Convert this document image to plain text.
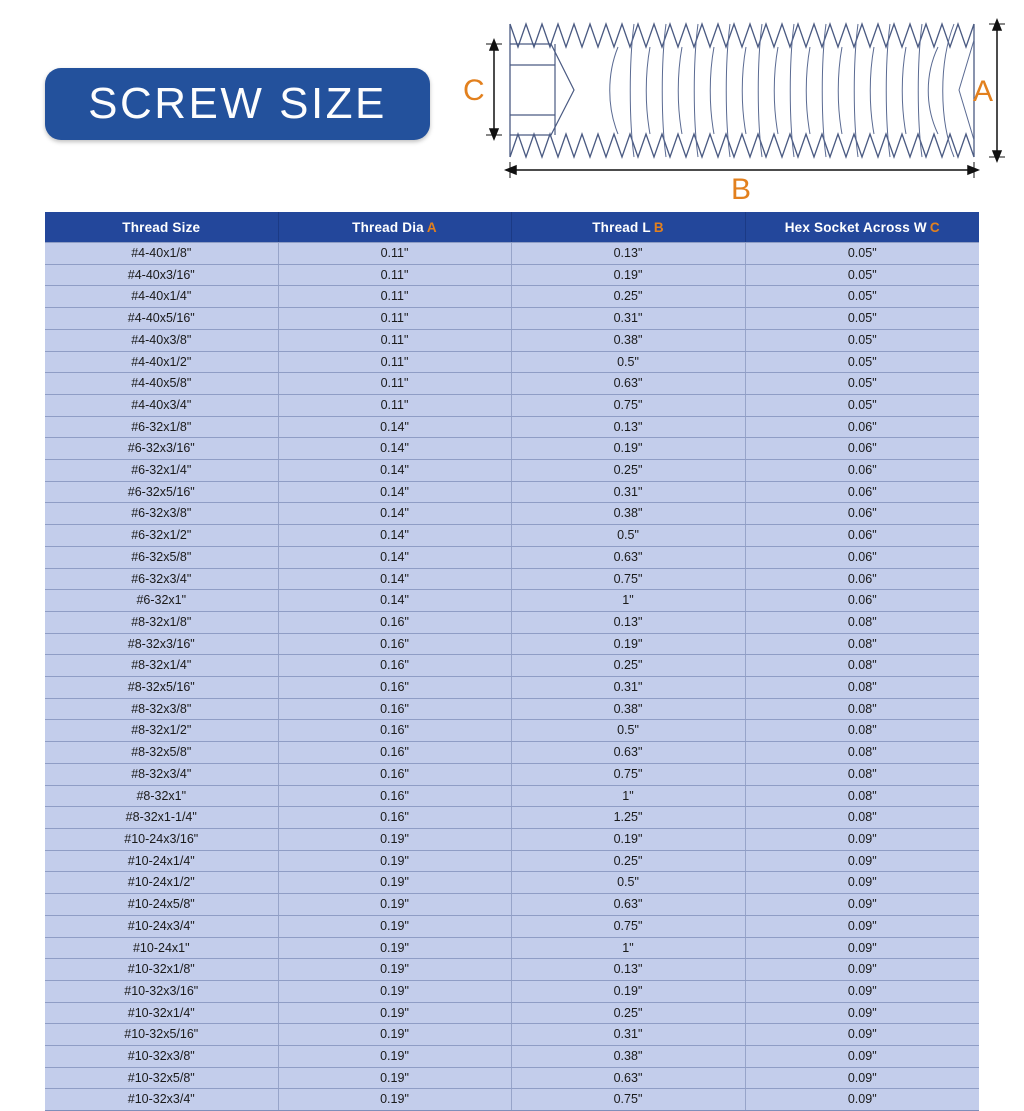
SCREW SIZE	C	A
B
Thread Size	Thread Dia A	Thread L B	Hex Socket Across W C
#4-40x1/8"	0.11"	0.13"	0.05"
#4-40x3/16"	0.11"	0.19"	0.05"
#4-40x1/4"	0.11"	0.25"	0.05"
#4-40x5/16"	0.11"	0.31"	0.05"
#4-40x3/8"	0.11"	0.38"	0.05"
#4-40x1/2"	0.11"	0.5"	0.05"
#4-40x5/8"	0.11"	0.63"	0.05"
#4-40x3/4"	0.11"	0.75"	0.05"
#6-32x1/8"	0.14"	0.13"	0.06"
#6-32x3/16"	0.14"	0.19"	0.06"
#6-32x1/4"	0.14"	0.25"	0.06"
#6-32x5/16"	0.14"	0.31"	0.06"
#6-32x3/8"	0.14"	0.38"	0.06"
#6-32x1/2"	0.14"	0.5"	0.06"
#6-32x5/8"	0.14"	0.63"	0.06"
#6-32x3/4"	0.14"	0.75"	0.06"
#6-32x1"	0.14"	1"	0.06"
#8-32x1/8"	0.16"	0.13"	0.08"
#8-32x3/16"	0.16"	0.19"	0.08"
#8-32x1/4"	0.16"	0.25"	0.08"
#8-32x5/16"	0.16"	0.31"	0.08"
#8-32x3/8"	0.16"	0.38"	0.08"
#8-32x1/2"	0.16"	0.5"	0.08"
#8-32x5/8"	0.16"	0.63"	0.08"
#8-32x3/4"	0.16"	0.75"	0.08"
#8-32x1"	0.16"	1"	0.08"
#8-32x1-1/4"	0.16"	1.25"	0.08"
#10-24x3/16"	0.19"	0.19"	0.09"
#10-24x1/4"	0.19"	0.25"	0.09"
#10-24x1/2"	0.19"	0.5"	0.09"
#10-24x5/8"	0.19"	0.63"	0.09"
#10-24x3/4"	0.19"	0.75"	0.09"
#10-24x1"	0.19"	1"	0.09"
#10-32x1/8"	0.19"	0.13"	0.09"
#10-32x3/16"	0.19"	0.19"	0.09"
#10-32x1/4"	0.19"	0.25"	0.09"
#10-32x5/16"	0.19"	0.31"	0.09"
#10-32x3/8"	0.19"	0.38"	0.09"
#10-32x5/8"	0.19"	0.63"	0.09"
#10-32x3/4"	0.19"	0.75"	0.09"
